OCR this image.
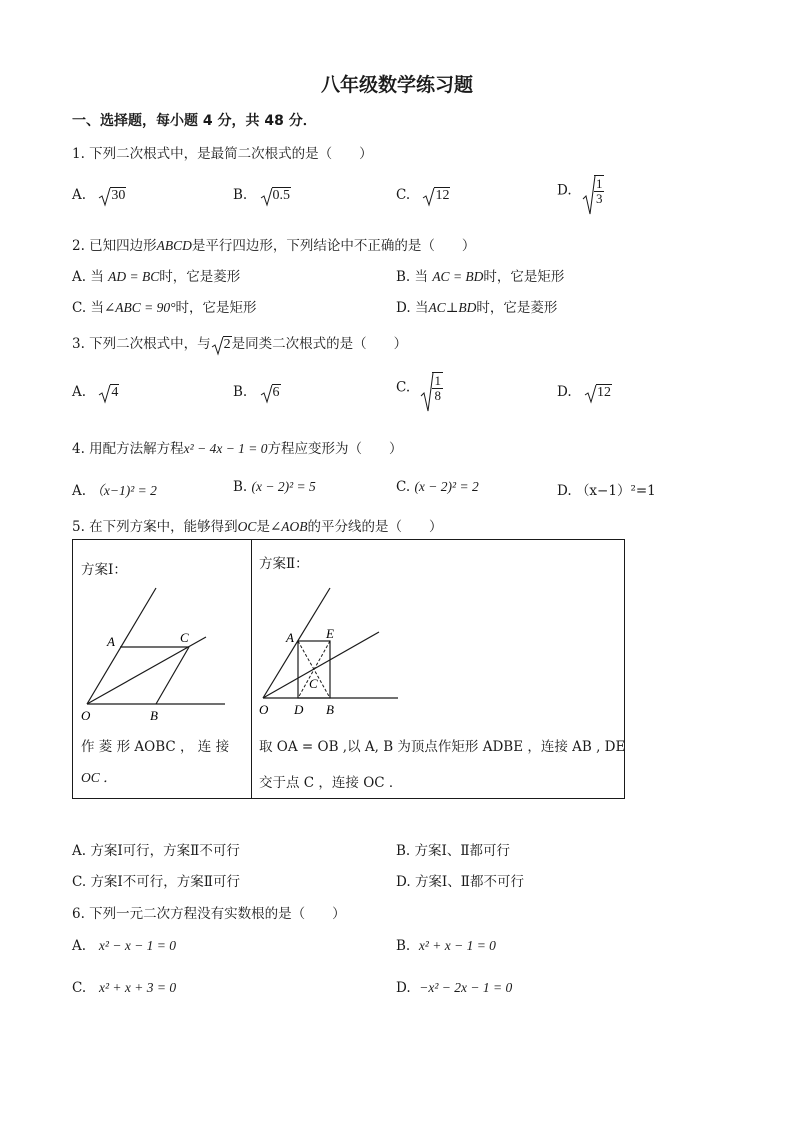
八年级数学练习题
一、选择题，每小题 4 分，共 48 分．
1. 下列二次根式中，是最简二次根式的是（　　）
A. 30	B. 0.5	C. 12	D. $\frac{1}{3}$
2. 已知四边形ABCD是平行四边形，下列结论中不正确的是（　　）
A. 当 AD = BC时，它是菱形	B. 当 AC = BD时，它是矩形
C. 当∠ABC = 90°时，它是矩形	D. 当AC⊥BD时，它是菱形
3. 下列二次根式中，与 2是同类二次根式的是（　　）
A. 4	B. 6	C. $\frac{1}{8}$	D. 12
4. 用配方法解方程x² − 4x − 1 = 0方程应变形为（　　）
A. （x−1)² = 2	B. (x − 2)² = 5	C. (x − 2)² = 2	D. （x−1）²=1
5. 在下列方案中，能够得到OC是∠AOB的平分线的是（　　）
方案Ⅰ：
A	C
O	B
作 菱 形 AOBC ， 连 接
OC ．
方案Ⅱ：
A E
C
O D B
取 OA = OB ,以 A, B 为顶点作矩形 ADBE ，连接 AB , DE
交于点 C ，连接 OC ．
A. 方案Ⅰ可行，方案Ⅱ不可行	B. 方案Ⅰ、Ⅱ都可行
C. 方案Ⅰ不可行，方案Ⅱ可行	D. 方案Ⅰ、Ⅱ都不可行
6. 下列一元二次方程没有实数根的是（　　）
A. x² − x − 1 = 0	B. x² + x − 1 = 0
C. x² + x + 3 = 0	D. −x² − 2x − 1 = 0
